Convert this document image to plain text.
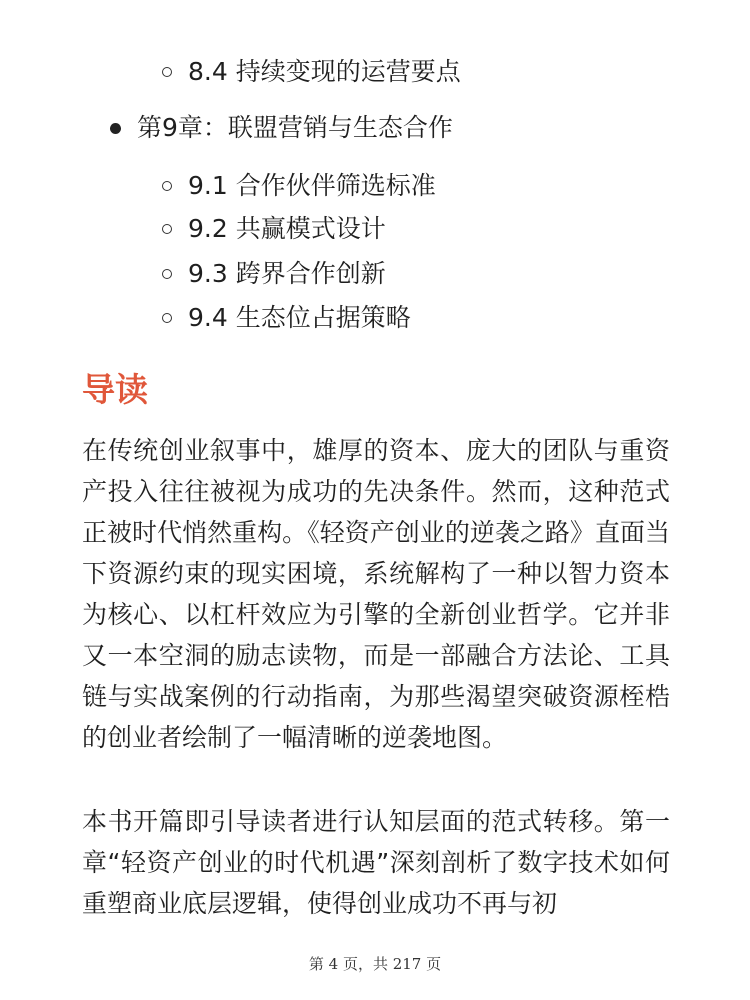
8.4 持续变现的运营要点
第9章：联盟营销与生态合作
9.1 合作伙伴筛选标准
9.2 共赢模式设计
9.3 跨界合作创新
9.4 生态位占据策略
导读

在传统创业叙事中，雄厚的资本、庞大的团队与重资产投入往往被视为成功的先决条件。然而，这种范式正被时代悄然重构。《轻资产创业的逆袭之路》直面当下资源约束的现实困境，系统解构了一种以智力资本为核心、以杠杆效应为引擎的全新创业哲学。它并非又一本空洞的励志读物，而是一部融合方法论、工具链与实战案例的行动指南，为那些渴望突破资源桎梏的创业者绘制了一幅清晰的逆袭地图。

本书开篇即引导读者进行认知层面的范式转移。第一章“轻资产创业的时代机遇”深刻剖析了数字技术如何重塑商业底层逻辑，使得创业成功不再与初

第 4 页，共 217 页
